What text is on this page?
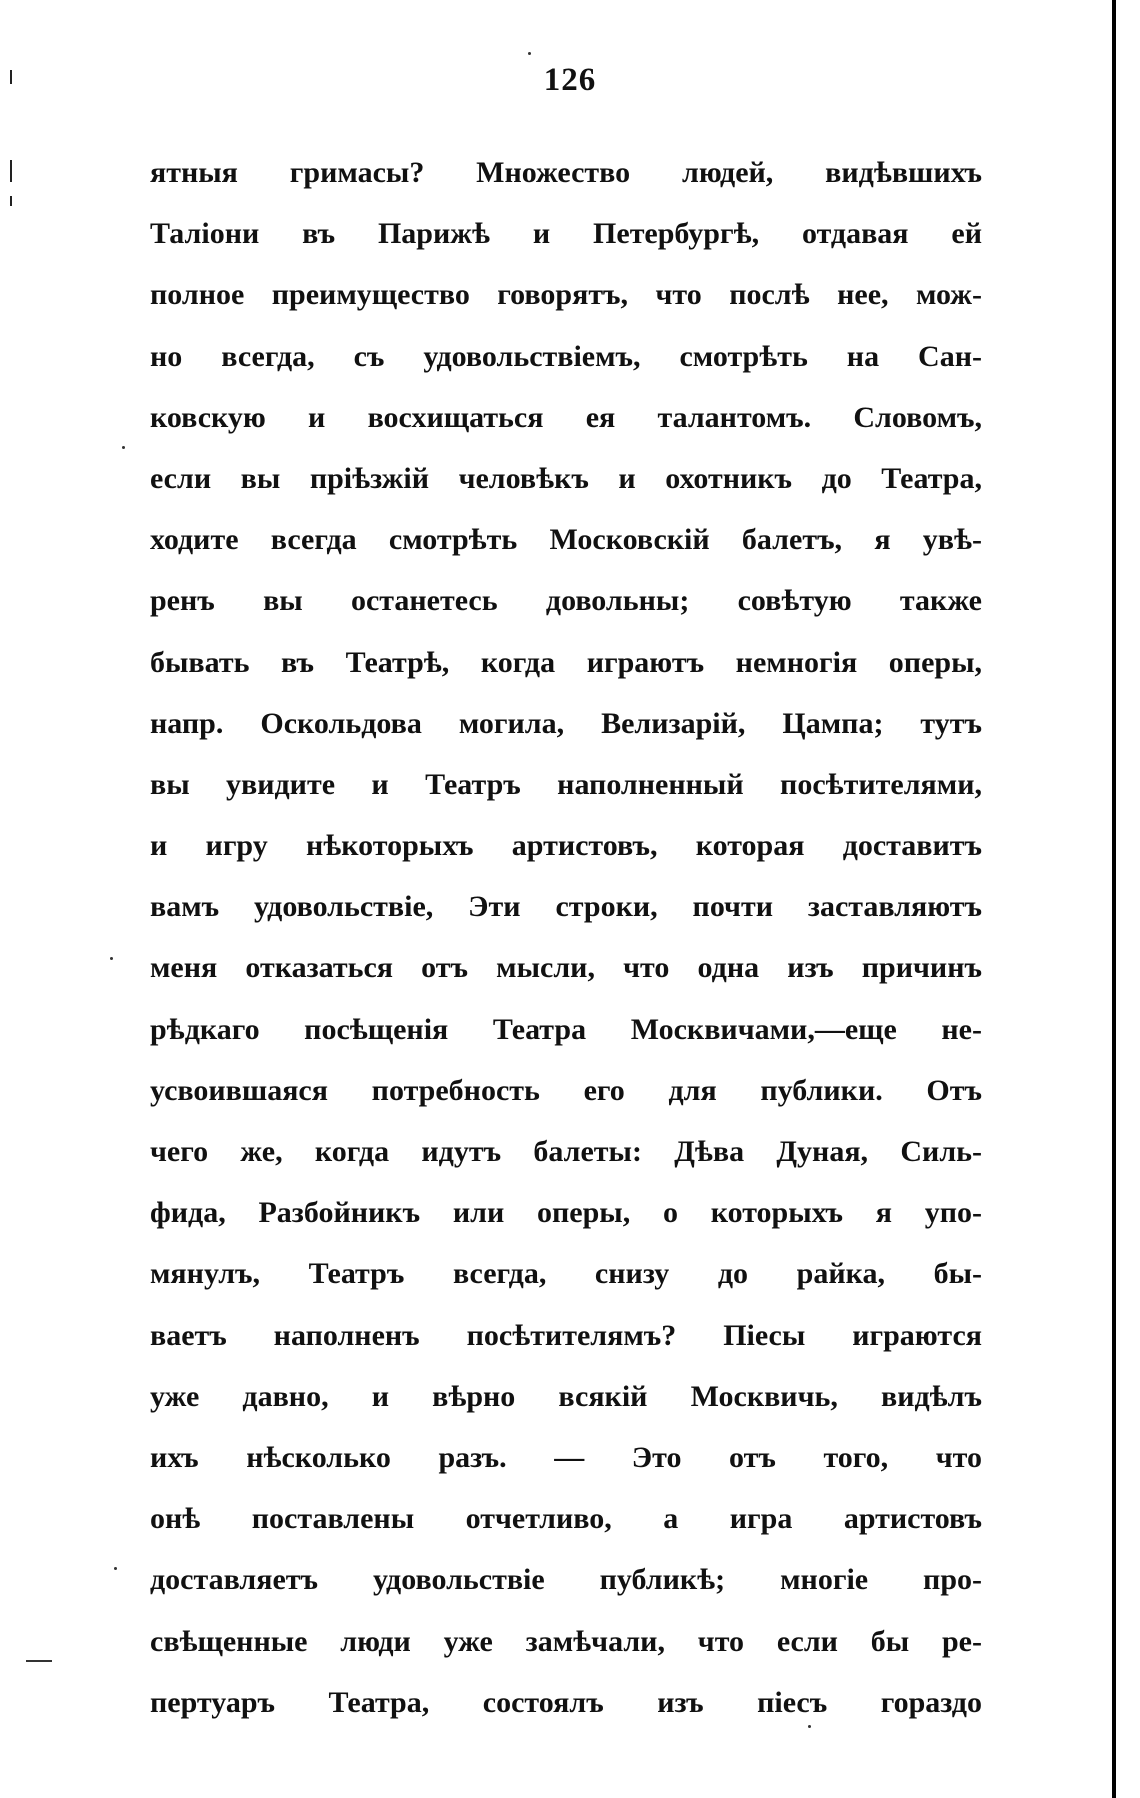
126
ятныя гримасы? Множество людей, видѣвшихъ
Таліони въ Парижѣ и Петербургѣ, отдавая ей
полное преимущество говорятъ, что послѣ нее, мож-
но всегда, съ удовольствіемъ, смотрѣть на Сан-
ковскую и восхищаться ея талантомъ. Словомъ,
если вы пріѣзжій человѣкъ и охотникъ до Театра,
ходите всегда смотрѣть Московскій балетъ, я увѣ-
ренъ вы останетесь довольны; совѣтую также
бывать въ Театрѣ, когда играютъ немногія оперы,
напр. Оскольдова могила, Велизарій, Цампа; тутъ
вы увидите и Театръ наполненный посѣтителями,
и игру нѣкоторыхъ артистовъ, которая доставитъ
вамъ удовольствіе, Эти строки, почти заставляютъ
меня отказаться отъ мысли, что одна изъ причинъ
рѣдкаго посѣщенія Театра Москвичами,—еще не-
усвоившаяся потребность его для публики. Отъ
чего же, когда идутъ балеты: Дѣва Дуная, Силь-
фида, Разбойникъ или оперы, о которыхъ я упо-
мянулъ, Театръ всегда, снизу до райка, бы-
ваетъ наполненъ посѣтителямъ? Піесы играются
уже давно, и вѣрно всякій Москвичь, видѣлъ
ихъ нѣсколько разъ. — Это отъ того, что
онѣ поставлены отчетливо, а игра артистовъ
доставляетъ удовольствіе публикѣ; многіе про-
свѣщенные люди уже замѣчали, что если бы ре-
пертуаръ Театра, состоялъ изъ піесъ гораздо
